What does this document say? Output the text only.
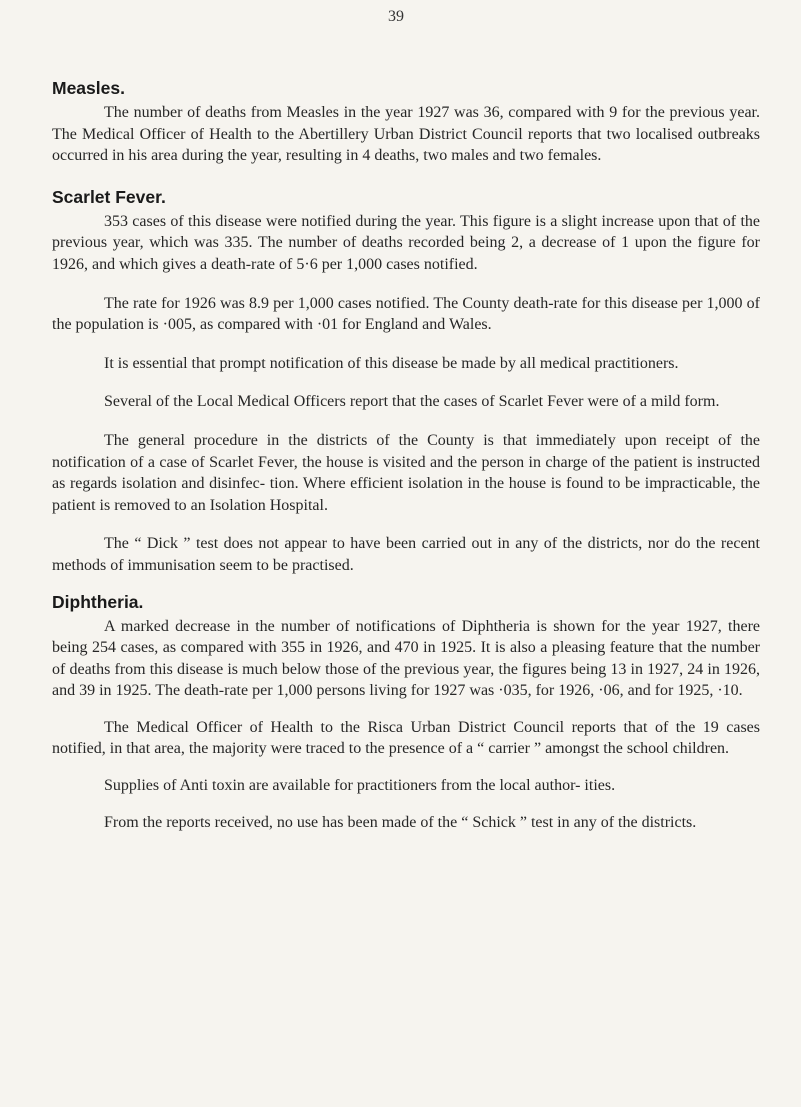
39
Measles.

The number of deaths from Measles in the year 1927 was 36, compared with 9 for the previous year. The Medical Officer of Health to the Abertillery Urban District Council reports that two localised outbreaks occurred in his area during the year, resulting in 4 deaths, two males and two females.

Scarlet Fever.

353 cases of this disease were notified during the year. This figure is a slight increase upon that of the previous year, which was 335. The number of deaths recorded being 2, a decrease of 1 upon the figure for 1926, and which gives a death-rate of 5·6 per 1,000 cases notified.

The rate for 1926 was 8.9 per 1,000 cases notified. The County death-rate for this disease per 1,000 of the population is ·005, as compared with ·01 for England and Wales.

It is essential that prompt notification of this disease be made by all medical practitioners.

Several of the Local Medical Officers report that the cases of Scarlet Fever were of a mild form.

The general procedure in the districts of the County is that immediately upon receipt of the notification of a case of Scarlet Fever, the house is visited and the person in charge of the patient is instructed as regards isolation and disinfec- tion. Where efficient isolation in the house is found to be impracticable, the patient is removed to an Isolation Hospital.

The “ Dick ” test does not appear to have been carried out in any of the districts, nor do the recent methods of immunisation seem to be practised.

Diphtheria.

A marked decrease in the number of notifications of Diphtheria is shown for the year 1927, there being 254 cases, as compared with 355 in 1926, and 470 in 1925. It is also a pleasing feature that the number of deaths from this disease is much below those of the previous year, the figures being 13 in 1927, 24 in 1926, and 39 in 1925. The death-rate per 1,000 persons living for 1927 was ·035, for 1926, ·06, and for 1925, ·10.

The Medical Officer of Health to the Risca Urban District Council reports that of the 19 cases notified, in that area, the majority were traced to the presence of a “ carrier ” amongst the school children.

Supplies of Anti toxin are available for practitioners from the local author- ities.

From the reports received, no use has been made of the “ Schick ” test in any of the districts.
